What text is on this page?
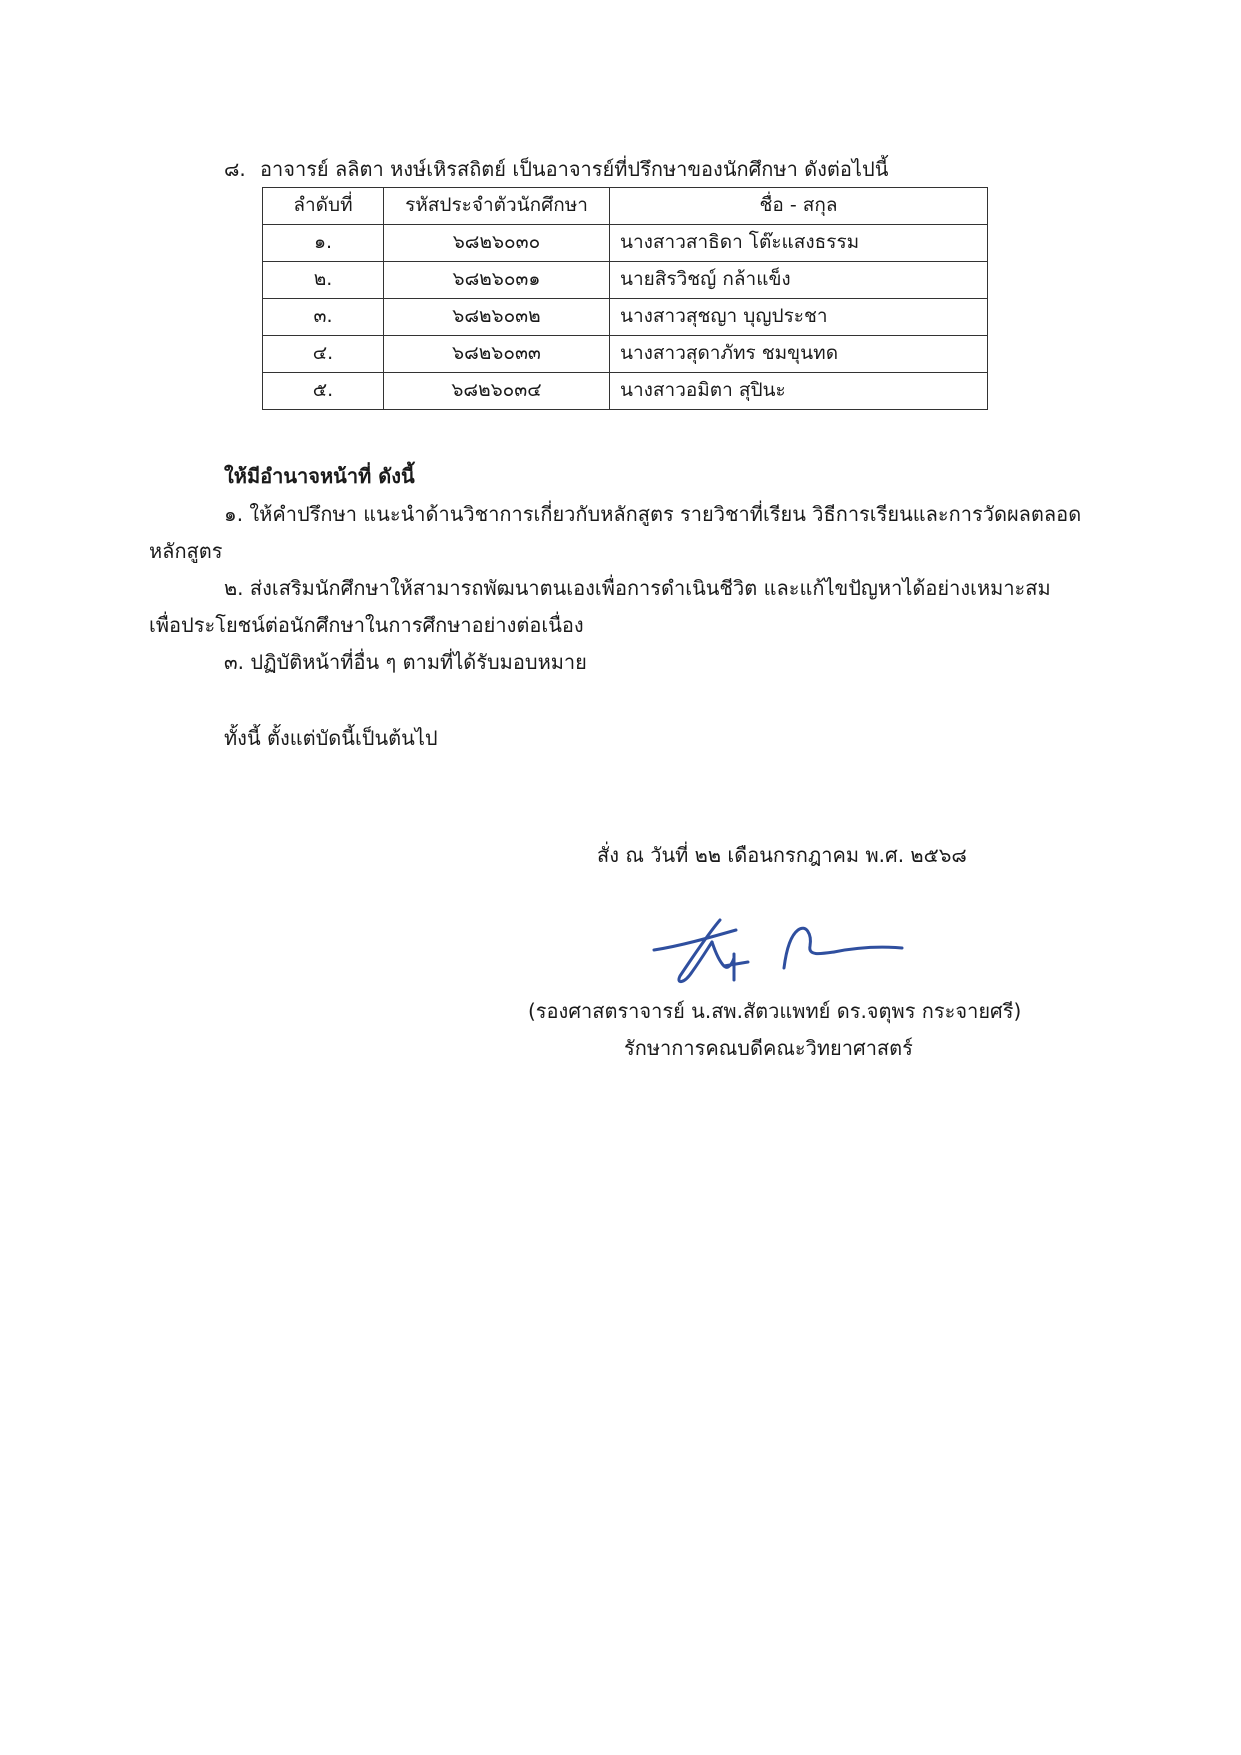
๘. อาจารย์ ลลิตา หงษ์เหิรสถิตย์ เป็นอาจารย์ที่ปรึกษาของนักศึกษา ดังต่อไปนี้
ลำดับที่	รหัสประจำตัวนักศึกษา	ชื่อ - สกุล
๑.	๖๘๒๖๐๓๐	นางสาวสาธิดา โต๊ะแสงธรรม
๒.	๖๘๒๖๐๓๑	นายสิรวิชญ์ กล้าแข็ง
๓.	๖๘๒๖๐๓๒	นางสาวสุชญา บุญประชา
๔.	๖๘๒๖๐๓๓	นางสาวสุดาภัทร ชมขุนทด
๕.	๖๘๒๖๐๓๔	นางสาวอมิตา สุปินะ
ให้มีอำนาจหน้าที่ ดังนี้
๑. ให้คำปรึกษา แนะนำด้านวิชาการเกี่ยวกับหลักสูตร รายวิชาที่เรียน วิธีการเรียนและการวัดผลตลอด
หลักสูตร
๒. ส่งเสริมนักศึกษาให้สามารถพัฒนาตนเองเพื่อการดำเนินชีวิต และแก้ไขปัญหาได้อย่างเหมาะสม
เพื่อประโยชน์ต่อนักศึกษาในการศึกษาอย่างต่อเนื่อง
๓. ปฏิบัติหน้าที่อื่น ๆ ตามที่ได้รับมอบหมาย
ทั้งนี้ ตั้งแต่บัดนี้เป็นต้นไป
สั่ง ณ วันที่ ๒๒ เดือนกรกฎาคม พ.ศ. ๒๕๖๘
(รองศาสตราจารย์ น.สพ.สัตวแพทย์ ดร.จตุพร กระจายศรี)
รักษาการคณบดีคณะวิทยาศาสตร์
